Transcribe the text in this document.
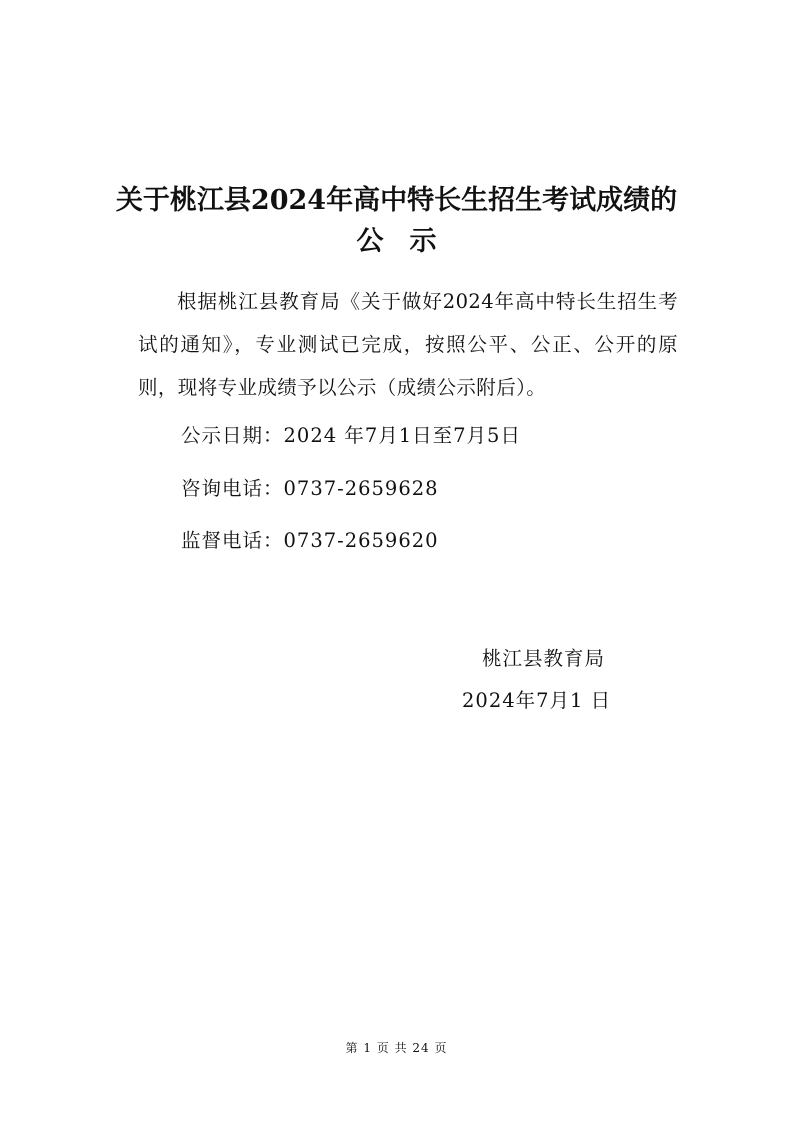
关于桃江县2024年高中特长生招生考试成绩的
公示

根据桃江县教育局《关于做好2024年高中特长生招生考试的通知》，专业测试已完成，按照公平、公正、公开的原则，现将专业成绩予以公示（成绩公示附后）。

公示日期：2024 年7月1日至7月5日
咨询电话：0737-2659628
监督电话：0737-2659620
桃江县教育局
2024年7月1 日
第 1 页 共 24 页
